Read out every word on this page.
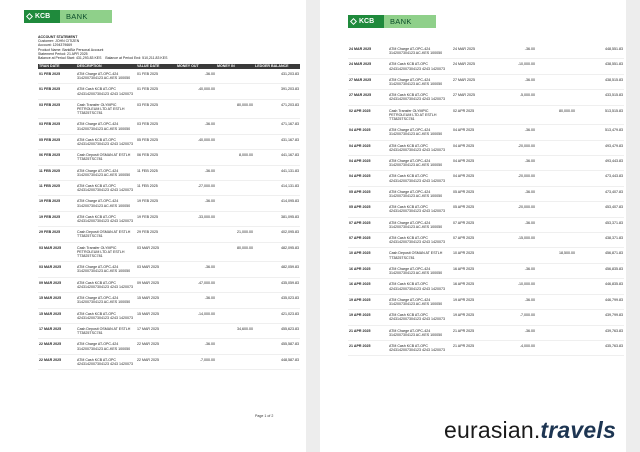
KCB	BANK
ACCOUNT STATEMENT
Customer: JOHN CITIZEN
Account: 1294379669
Product Name: BankBiz Personal Account
Statement Period: 21 APR 2025
Balance at Period Start: 431,293.83 KES Balance at Period End: 510,211.83 KES
TRAN DATE	DESCRIPTION	VALUE DATE	MONEY OUT	MONEY IN	LEDGER BALANCE
01 FEB 2025	ATM Charge AT-OPC-424 3142007304123 AC-KES 100050	01 FEB 2025	-36.00		431,203.83
01 FEB 2025	ATM Cash KCB AT-OPC 4243142007304123 4243 1420073	01 FEB 2025	-40,000.00		391,203.83
03 FEB 2025	Cash Transfer OLYMPIC PETROLEUM LTD AT ESTLH TT3825TSC781	03 FEB 2025		80,000.00	471,203.83
03 FEB 2025	ATM Charge AT-OPC-424 3142007304123 AC-KES 100050	03 FEB 2025	-36.00		471,167.83
05 FEB 2025	ATM Cash KCB AT-OPC 4243142007304123 4243 1420073	05 FEB 2025	-40,000.00		431,167.83
06 FEB 2025	Cash Deposit OSMAN AT ESTLH TT3825TSC781	06 FEB 2025		8,000.00	441,167.83
11 FEB 2025	ATM Charge AT-OPC-424 3142007304123 AC-KES 100050	11 FEB 2025	-36.00		441,131.83
11 FEB 2025	ATM Cash KCB AT-OPC 4243142007304123 4243 1420073	11 FEB 2025	-27,000.00		414,131.83
19 FEB 2025	ATM Charge AT-OPC-424 3142007304123 AC-KES 100050	19 FEB 2025	-36.00		414,095.83
19 FEB 2025	ATM Cash KCB AT-OPC 4243142007304123 4243 1420073	19 FEB 2025	-33,000.00		381,095.83
29 FEB 2025	Cash Deposit OSMAN AT ESTLH TT3825TSC781	29 FEB 2025		21,000.00	402,095.83
03 MAR 2025	Cash Transfer OLYMPIC PETROLEUM LTD AT ESTLH TT3825TSC781	03 MAR 2025		80,000.00	482,095.83
03 MAR 2025	ATM Charge AT-OPC-424 3142007304123 AC-KES 100050	03 MAR 2025	-36.00		482,059.83
09 MAR 2025	ATM Cash KCB AT-OPC 4243142007304123 4243 1420073	09 MAR 2025	-47,000.00		435,059.83
15 MAR 2025	ATM Charge AT-OPC-424 3142007304123 AC-KES 100050	15 MAR 2025	-36.00		435,023.83
15 MAR 2025	ATM Cash KCB AT-OPC 4243142007304123 4243 1420073	15 MAR 2025	-14,000.00		421,023.83
17 MAR 2025	Cash Deposit OSMAN AT ESTLH TT3825TSC781	17 MAR 2025		34,600.00	455,623.83
22 MAR 2025	ATM Charge AT-OPC-424 3142007304123 AC-KES 100050	22 MAR 2025	-36.00		455,587.83
22 MAR 2025	ATM Cash KCB AT-OPC 4243142007304123 4243 1420073	22 MAR 2025	-7,000.00		448,587.83
Page 1 of 2
KCB	BANK
24 MAR 2025	ATM Charge AT-OPC-424 3142007304123 AC-KES 100050	24 MAR 2025	-36.00		448,551.83
24 MAR 2025	ATM Cash KCB AT-OPC 4243142007304123 4243 1420073	24 MAR 2025	-10,000.00		438,551.83
27 MAR 2025	ATM Charge AT-OPC-424 3142007304123 AC-KES 100050	27 MAR 2025	-36.00		438,515.83
27 MAR 2025	ATM Cash KCB AT-OPC 4243142007304123 4243 1420073	27 MAR 2025	-5,000.00		433,515.83
02 APR 2025	Cash Transfer OLYMPIC PETROLEUM LTD AT ESTLH TT3825TSC781	02 APR 2025		80,000.00	513,515.83
04 APR 2025	ATM Charge AT-OPC-424 3142007304123 AC-KES 100050	04 APR 2025	-36.00		513,479.83
04 APR 2025	ATM Cash KCB AT-OPC 4243142007304123 4243 1420073	04 APR 2025	-20,000.00		493,479.83
04 APR 2025	ATM Charge AT-OPC-424 3142007304123 AC-KES 100050	04 APR 2025	-36.00		493,443.83
04 APR 2025	ATM Cash KCB AT-OPC 4243142007304123 4243 1420073	04 APR 2025	-20,000.00		473,443.83
05 APR 2025	ATM Charge AT-OPC-424 3142007304123 AC-KES 100050	05 APR 2025	-36.00		473,407.83
05 APR 2025	ATM Cash KCB AT-OPC 4243142007304123 4243 1420073	05 APR 2025	-20,000.00		453,407.83
07 APR 2025	ATM Charge AT-OPC-424 3142007304123 AC-KES 100050	07 APR 2025	-36.00		453,371.83
07 APR 2025	ATM Cash KCB AT-OPC 4243142007304123 4243 1420073	07 APR 2025	-15,000.00		438,371.83
10 APR 2025	Cash Deposit OSMAN AT ESTLH TT3825TSC781	10 APR 2025		18,500.00	456,871.83
16 APR 2025	ATM Charge AT-OPC-424 3142007304123 AC-KES 100050	16 APR 2025	-36.00		456,835.83
16 APR 2025	ATM Cash KCB AT-OPC 4243142007304123 4243 1420073	16 APR 2025	-10,000.00		446,835.83
19 APR 2025	ATM Charge AT-OPC-424 3142007304123 AC-KES 100050	19 APR 2025	-36.00		446,799.83
19 APR 2025	ATM Cash KCB AT-OPC 4243142007304123 4243 1420073	19 APR 2025	-7,000.00		439,799.83
21 APR 2025	ATM Charge AT-OPC-424 3142007304123 AC-KES 100050	21 APR 2025	-36.00		439,763.83
21 APR 2025	ATM Cash KCB AT-OPC 4243142007304123 4243 1420073	21 APR 2025	-4,000.00		435,763.83
eurasian.travels
